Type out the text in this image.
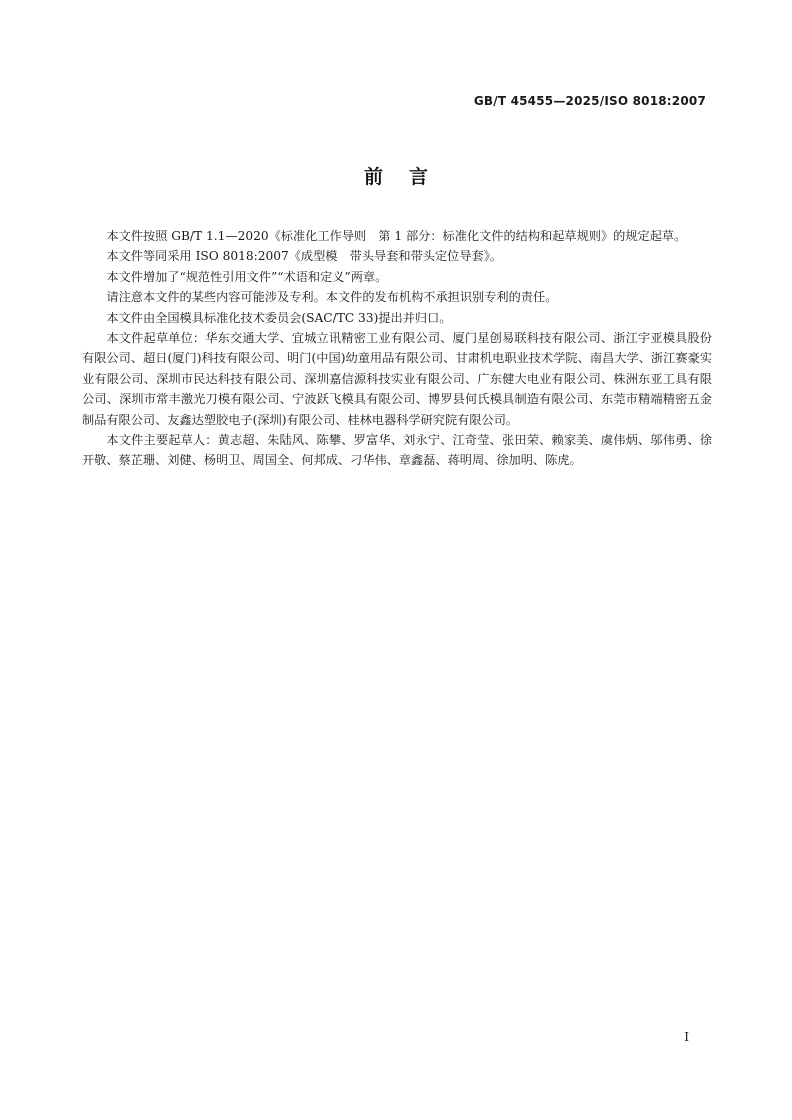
GB/T 45455—2025/ISO 8018:2007
前言

本文件按照 GB/T 1.1—2020《标准化工作导则　第 1 部分：标准化文件的结构和起草规则》的规定起草。

本文件等同采用 ISO 8018:2007《成型模　带头导套和带头定位导套》。

本文件增加了“规范性引用文件”“术语和定义”两章。

请注意本文件的某些内容可能涉及专利。本文件的发布机构不承担识别专利的责任。

本文件由全国模具标准化技术委员会(SAC/TC 33)提出并归口。

本文件起草单位：华东交通大学、宜城立讯精密工业有限公司、厦门星创易联科技有限公司、浙江宇亚模具股份有限公司、超日(厦门)科技有限公司、明门(中国)幼童用品有限公司、甘肃机电职业技术学院、南昌大学、浙江赛豪实业有限公司、深圳市民达科技有限公司、深圳嘉信源科技实业有限公司、广东健大电业有限公司、株洲东亚工具有限公司、深圳市常丰激光刀模有限公司、宁波跃飞模具有限公司、博罗县何氏模具制造有限公司、东莞市精端精密五金制品有限公司、友鑫达塑胶电子(深圳)有限公司、桂林电器科学研究院有限公司。

本文件主要起草人：黄志超、朱陆风、陈攀、罗富华、刘永宁、江奇莹、张田荣、赖家美、虞伟炳、邬伟勇、徐开敬、蔡芷珊、刘健、杨明卫、周国全、何邦成、刁华伟、章鑫磊、蒋明周、徐加明、陈虎。

I
